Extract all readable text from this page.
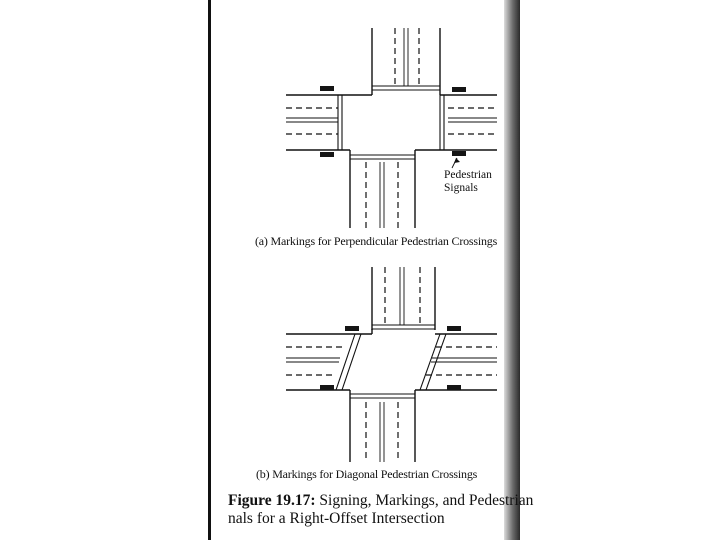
Pedestrian
Signals
(a) Markings for Perpendicular Pedestrian Crossings
(b) Markings for Diagonal Pedestrian Crossings
Figure 19.17: Signing, Markings, and Pedestrian
nals for a Right-Offset Intersection
